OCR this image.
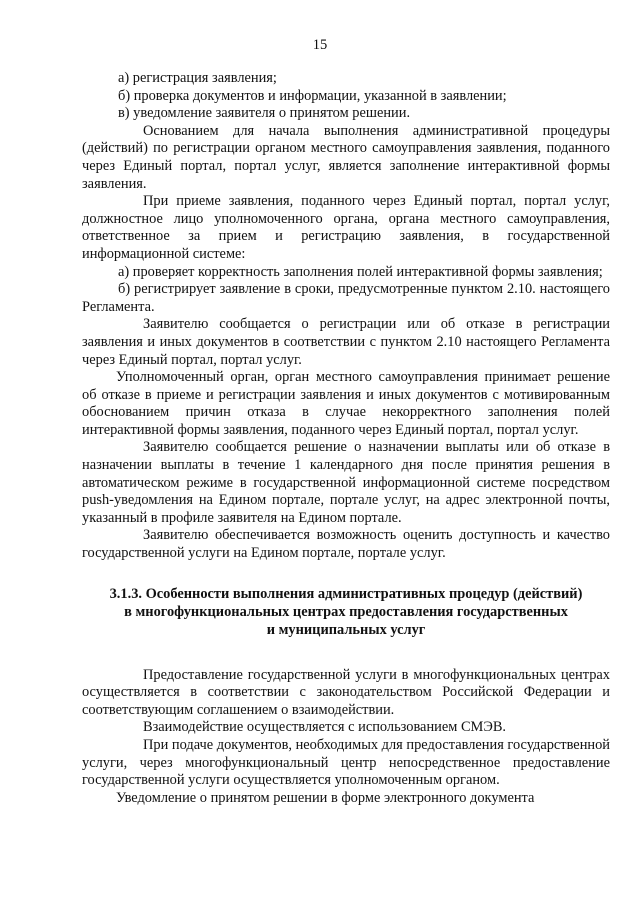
15

а) регистрация заявления;

б) проверка документов и информации, указанной в заявлении;

в) уведомление заявителя о принятом решении.

Основанием для начала выполнения административной процедуры (действий) по регистрации органом местного самоуправления заявления, поданного через Единый портал, портал услуг, является заполнение интерактивной формы заявления.

При приеме заявления, поданного через Единый портал, портал услуг, должностное лицо уполномоченного органа, органа местного самоуправления, ответственное за прием и регистрацию заявления, в государственной информационной системе:

а) проверяет корректность заполнения полей интерактивной формы заявления;

б) регистрирует заявление в сроки, предусмотренные пунктом 2.10. настоящего Регламента.

Заявителю сообщается о регистрации или об отказе в регистрации заявления и иных документов в соответствии с пунктом 2.10 настоящего Регламента через Единый портал, портал услуг.

Уполномоченный орган, орган местного самоуправления принимает решение об отказе в приеме и регистрации заявления и иных документов с мотивированным обоснованием причин отказа в случае некорректного заполнения полей интерактивной формы заявления, поданного через Единый портал, портал услуг.

Заявителю сообщается решение о назначении выплаты или об отказе в назначении выплаты в течение 1 календарного дня после принятия решения в автоматическом режиме в государственной информационной системе посредством push-уведомления на Едином портале, портале услуг, на адрес электронной почты, указанный в профиле заявителя на Едином портале.

Заявителю обеспечивается возможность оценить доступность и качество государственной услуги на Едином портале, портале услуг.

3.1.3. Особенности выполнения административных процедур (действий)
в многофункциональных центрах предоставления государственных
и муниципальных услуг

Предоставление государственной услуги в многофункциональных центрах осуществляется в соответствии с законодательством Российской Федерации и соответствующим соглашением о взаимодействии.

Взаимодействие осуществляется с использованием СМЭВ.

При подаче документов, необходимых для предоставления государственной услуги, через многофункциональный центр непосредственное предоставление государственной услуги осуществляется уполномоченным органом.

Уведомление о принятом решении в форме электронного документа
